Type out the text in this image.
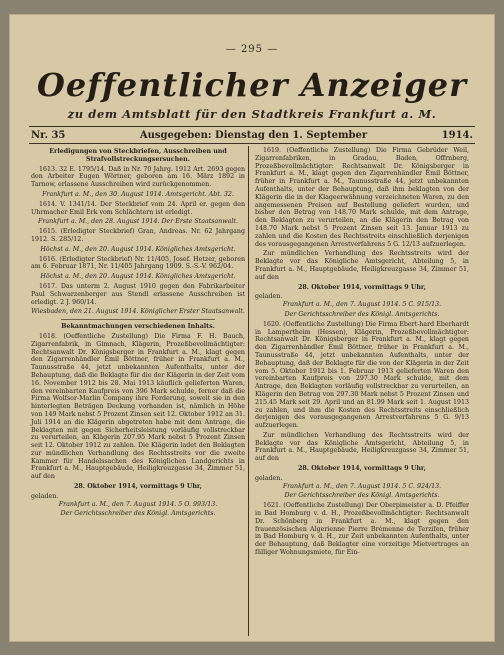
— 295 —
Oeffentlicher Anzeiger
zu dem Amtsblatt für den Stadtkreis Frankfurt a. M.
Nr. 35	Ausgegeben: Dienstag den 1. September	1914.
Erledigungen von Steckbriefen, Ausschreiben und Strafvollstreckungsersuchen.

1613. 32 E. 1795/14. Daß in Nr. 70 Jahrg. 1912 Art. 2693 gegen den Arbeiter Eugen Wörtner, geboren am 16. März 1892 in Tarnow, erlassene Ausschreiben wird zurückgenommen.

Frankfurt a. M., den 30. August 1914. Amtsgericht. Abt. 32.

1614. V. 1341/14. Der Steckbrief vom 24. April er. gegen den Uhrmacher Emil Erk vom Schlächtern ist erledigt.

Frankfurt a. M., den 28. August 1914. Der Erste Staatsanwalt.

1615. (Erledigter Steckbrief) Gran, Andreas. Nr. 62 Jahrgang 1912. S. 285/12.

Höchst a. M., den 20. August 1914. Königliches Amtsgericht.

1616. (Erledigter Steckbrief) Nr. 11/405, Josef. Hetzer, geboren am 6. Februar 1871, Nr. 11/405 Jahrgang 1909. S.-S.-V. 962/04.

Höchst a. M., den 20. August 1914. Königliches Amtsgericht.

1617. Das unterm 2. August 1910 gegen den Fabrikarbeiter Paul Schwarzenberger aus Stendl erlassene Ausschreiben ist erledigt. 2 J. 960/14.

Wiesbaden, den 21. August 1914. Königlicher Erster Staatsanwalt.
Bekanntmachungen verschiedenen Inhalts.

1618. (Oeffentliche Zustellung) Die Firma F. H. Bauch, Zigarrenfabrik, in Gimnach, Klägerin, Prozeßbevollmächtigter: Rechtsanwalt Dr. Königsberger in Frankfurt a. M., klagt gegen den Zigarrenhändler Emil Böttner, früher in Frankfurt a. M., Taunusstraße 44, jetzt unbekannten Aufenthalts, unter der Behauptung, daß die Beklagte für die der Klägerin in der Zeit vom 16. November 1912 bis 28. Mai 1913 käuflich gelieferten Waren, den vereinbarten Kaufpreis von 396 Mark schulde, ferner daß die Firma Wolfsor-Marlin Company ihre Forderung, soweit sie in den hinterlegten Beträgen Deckung vorhanden ist, nämlich in Höhe von 149 Mark nebst 5 Prozent Zinsen seit 12. Oktober 1912 an 31. Juli 1914 an die Klägerin abgetreten habe mit dem Antrage, die Beklagten mit gegen Sicherheitsleistung vorläufig vollstreckbar zu verurteilen, an Klägerin 207.95 Mark nebst 5 Prozent Zinsen seit 12. Oktober 1912 zu zahlen. Die Klägerin ladet den Beklagten zur mündlichen Verhandlung des Rechtsstreits vor die zweite Kammer für Handelssachen des Königlichen Landgerichts in Frankfurt a. M., Hauptgebäude, Heiligkreuzgasse 34, Zimmer 51, auf den

28. Oktober 1914, vormittags 9 Uhr,
geladen.
Frankfurt a. M., den 7. August 1914. 5 O. 993/13.
Der Gerichtsschreiber des Königl. Amtsgerichts.

1619. (Oeffentliche Zustellung) Die Firma Gebrüder Weil, Zigarrenfabriken, in Gradau, Baden, Offrnberg, Prozeßbevollmächtigter: Rechtsanwalt Dr. Königsberger in Frankfurt a. M., klagt gegen den Zigarrenhändler Emil Böttner, früher in Frankfurt a. M., Taunusstraße 44, jetzt unbekannten Aufenthalts, unter der Behauptung, daß ihm beklagten von der Klägerin die in der Klageerwähnung verzeichneten Waren, zu den angemessenen Preisen auf Bestellung geliefert wurden, und bisher den Betrag von 148.70 Mark schulde, mit dem Antrage, den Beklagten zu verurteilen, an die Klägerin den Betrag von 148.70 Mark nebst 5 Prozent Zinsen seit 13. Januar 1913 zu zahlen und die Kosten des Rechtsstreits einschließlich derjenigen des vorausgegangenen Arrestverfahrens 5 G. 12/13 aufzuerlegen.

Zur mündlichen Verhandlung des Rechtsstreits wird der Beklagte vor das Königliche Amtsgericht, Abteilung 5, in Frankfurt a. M., Hauptgebäude, Heiligkreuzgasse 34, Zimmer 51, auf den

28. Oktober 1914, vormittags 9 Uhr,
geladen.
Frankfurt a. M., den 7. August 1914. 5 C. 915/13.
Der Gerichtsschreiber des Königl. Amtsgerichts.

1620. (Oeffentliche Zustellung) Die Firma Ebert-hard Eberhardt in Lampertheim (Hessen), Klägerin, Prozeßbevollmächtigter: Rechtsanwalt Dr. Königsberger in Frankfurt a. M., klagt gegen den Zigarrenhändler Emil Böttner, früher in Frankfurt a. M., Taunusstraße 44, jetzt unbekannten Aufenthalts, unter der Behauptung, daß der Beklagte für die von der Klägerin in der Zeit vom 5. Oktober 1912 bis 1. Februar 1913 gelieferten Waren den vereinbarten Kaufpreis von 297.30 Mark schulde, mit dem Antrage, den Beklagten vorläufig vollstreckbar zu verurteilen, an Klägerin den Betrag von 297.30 Mark nebst 5 Prozent Zinsen und 215.45 Mark seit 29. April und an 81.99 Mark seit 1. August 1913 zu zahlen, und ihm die Kosten des Rechtsstreits einschließlich derjenigen des vorausgegangenen Arrestverfahrens 5 G. 9/13 aufzuerlegen.

Zur mündlichen Verhandlung des Rechtsstreits wird der Beklagte vor das Königliche Amtsgericht, Abteilung 5, in Frankfurt a. M., Hauptgebäude, Heiligkreuzgasse 34, Zimmer 51, auf den

28. Oktober 1914, vormittags 9 Uhr,
geladen.
Frankfurt a. M., den 7. August 1914. 5 C. 924/13.
Der Gerichtsschreiber des Königl. Amtsgerichts.

1621. (Oeffentliche Zustellung) Der Oberpimeister a. D. Pfeiffer in Bad Homburg v. d. H., Prozeßbevollmächtigter: Rechtsanwalt Dr. Schönberg in Frankfurt a. M., klagt gegen den frauenzösischen Algerienne Pierre Brémenne de Terzifen, früher in Bad Homburg v. d. H., zur Zeit unbekannten Aufenthalts, unter der Behauptung, daß Beklagter eine vorzeitige Mietvertrages an fälliger Wohnungsmiete, für Ein-
